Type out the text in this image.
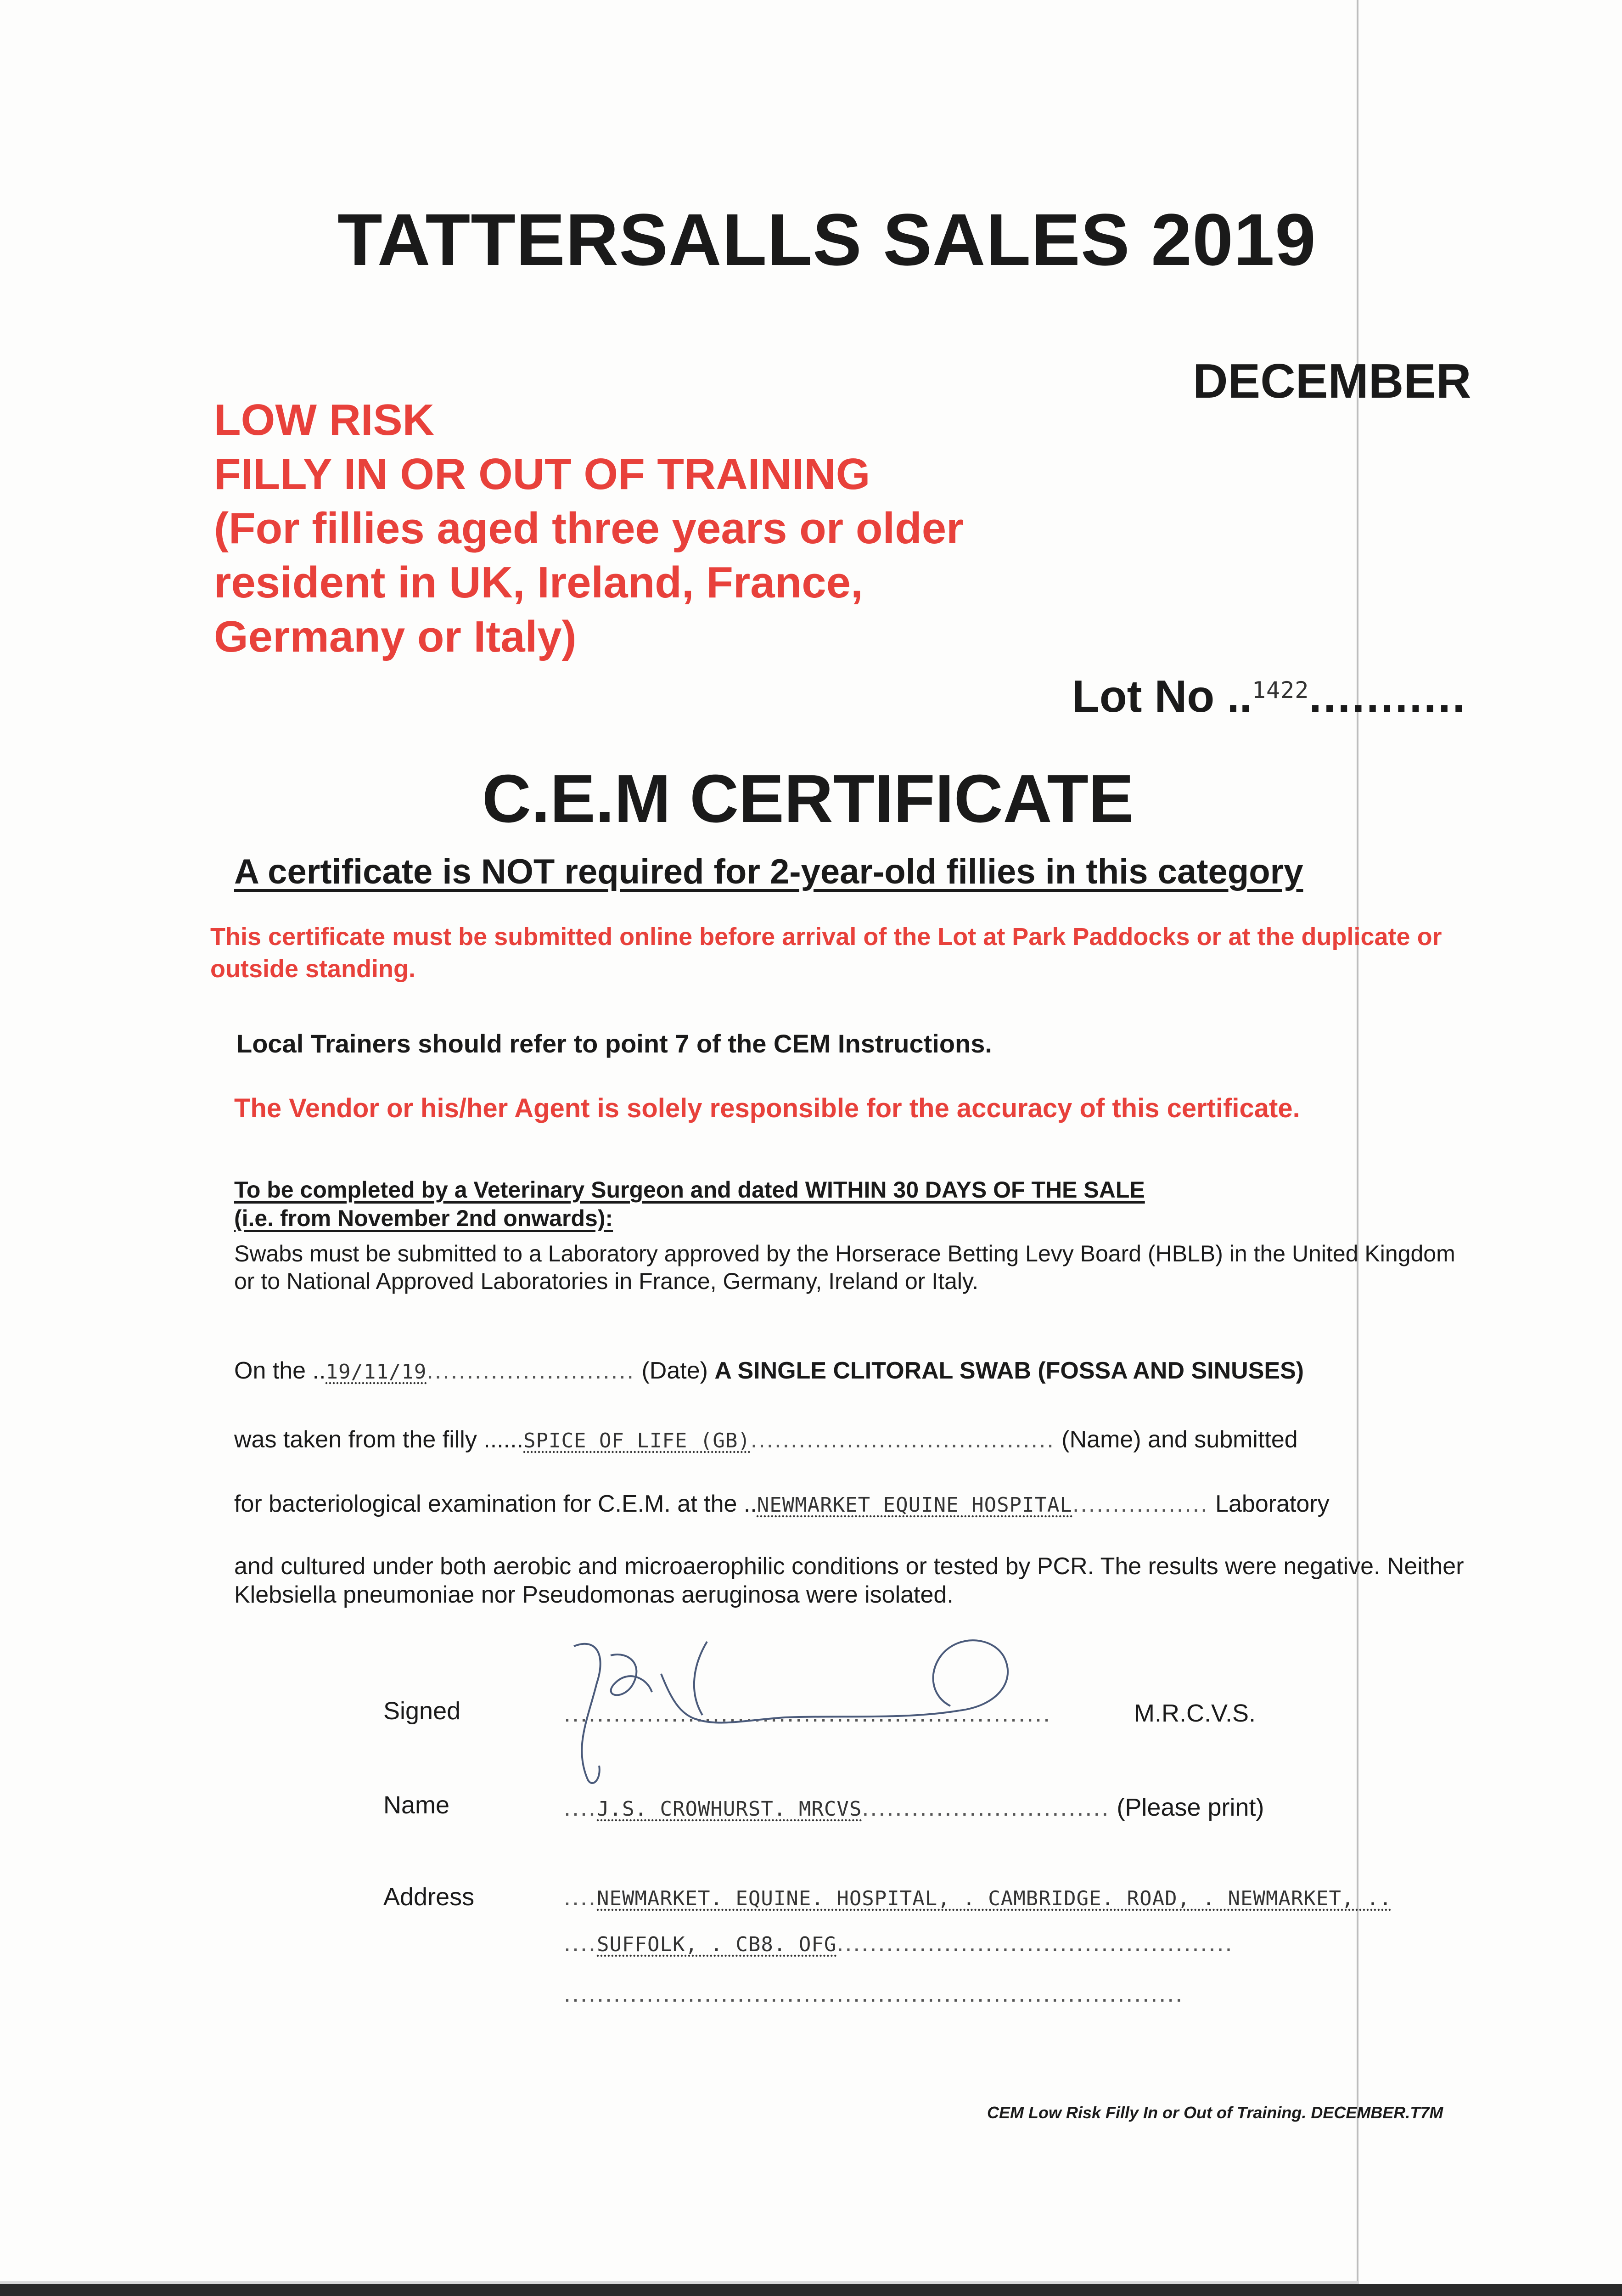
TATTERSALLS SALES 2019
DECEMBER
LOW RISK
FILLY IN OR OUT OF TRAINING
(For fillies aged three years or older
resident in UK, Ireland, France,
Germany or Italy)
Lot No ..$^{1422}$...........
C.E.M CERTIFICATE
A certificate is NOT required for 2-year-old fillies in this category
This certificate must be submitted online before arrival of the Lot at Park Paddocks or at the duplicate or outside standing.
Local Trainers should refer to point 7 of the CEM Instructions.
The Vendor or his/her Agent is solely responsible for the accuracy of this certificate.
To be completed by a Veterinary Surgeon and dated WITHIN 30 DAYS OF THE SALE
(i.e. from November 2nd onwards):
Swabs must be submitted to a Laboratory approved by the Horserace Betting Levy Board (HBLB) in the United Kingdom or to National Approved Laboratories in France, Germany, Ireland or Italy.
On the ..19/11/19.......................... (Date) A SINGLE CLITORAL SWAB (FOSSA AND SINUSES)
was taken from the filly ......SPICE OF LIFE (GB)...................................... (Name) and submitted
for bacteriological examination for C.E.M. at the ..NEWMARKET EQUINE HOSPITAL................. Laboratory
and cultured under both aerobic and microaerophilic conditions or tested by PCR. The results were negative. Neither Klebsiella pneumoniae nor Pseudomonas aeruginosa were isolated.
Signed	...........................................................	M.R.C.V.S.
Name	....J.S. CROWHURST. MRCVS.............................. (Please print)
Address	....NEWMARKET. EQUINE. HOSPITAL, . CAMBRIDGE. ROAD, . NEWMARKET, ..
....SUFFOLK, . CB8. OFG................................................
...........................................................................
CEM Low Risk Filly In or Out of Training. DECEMBER.T7M
